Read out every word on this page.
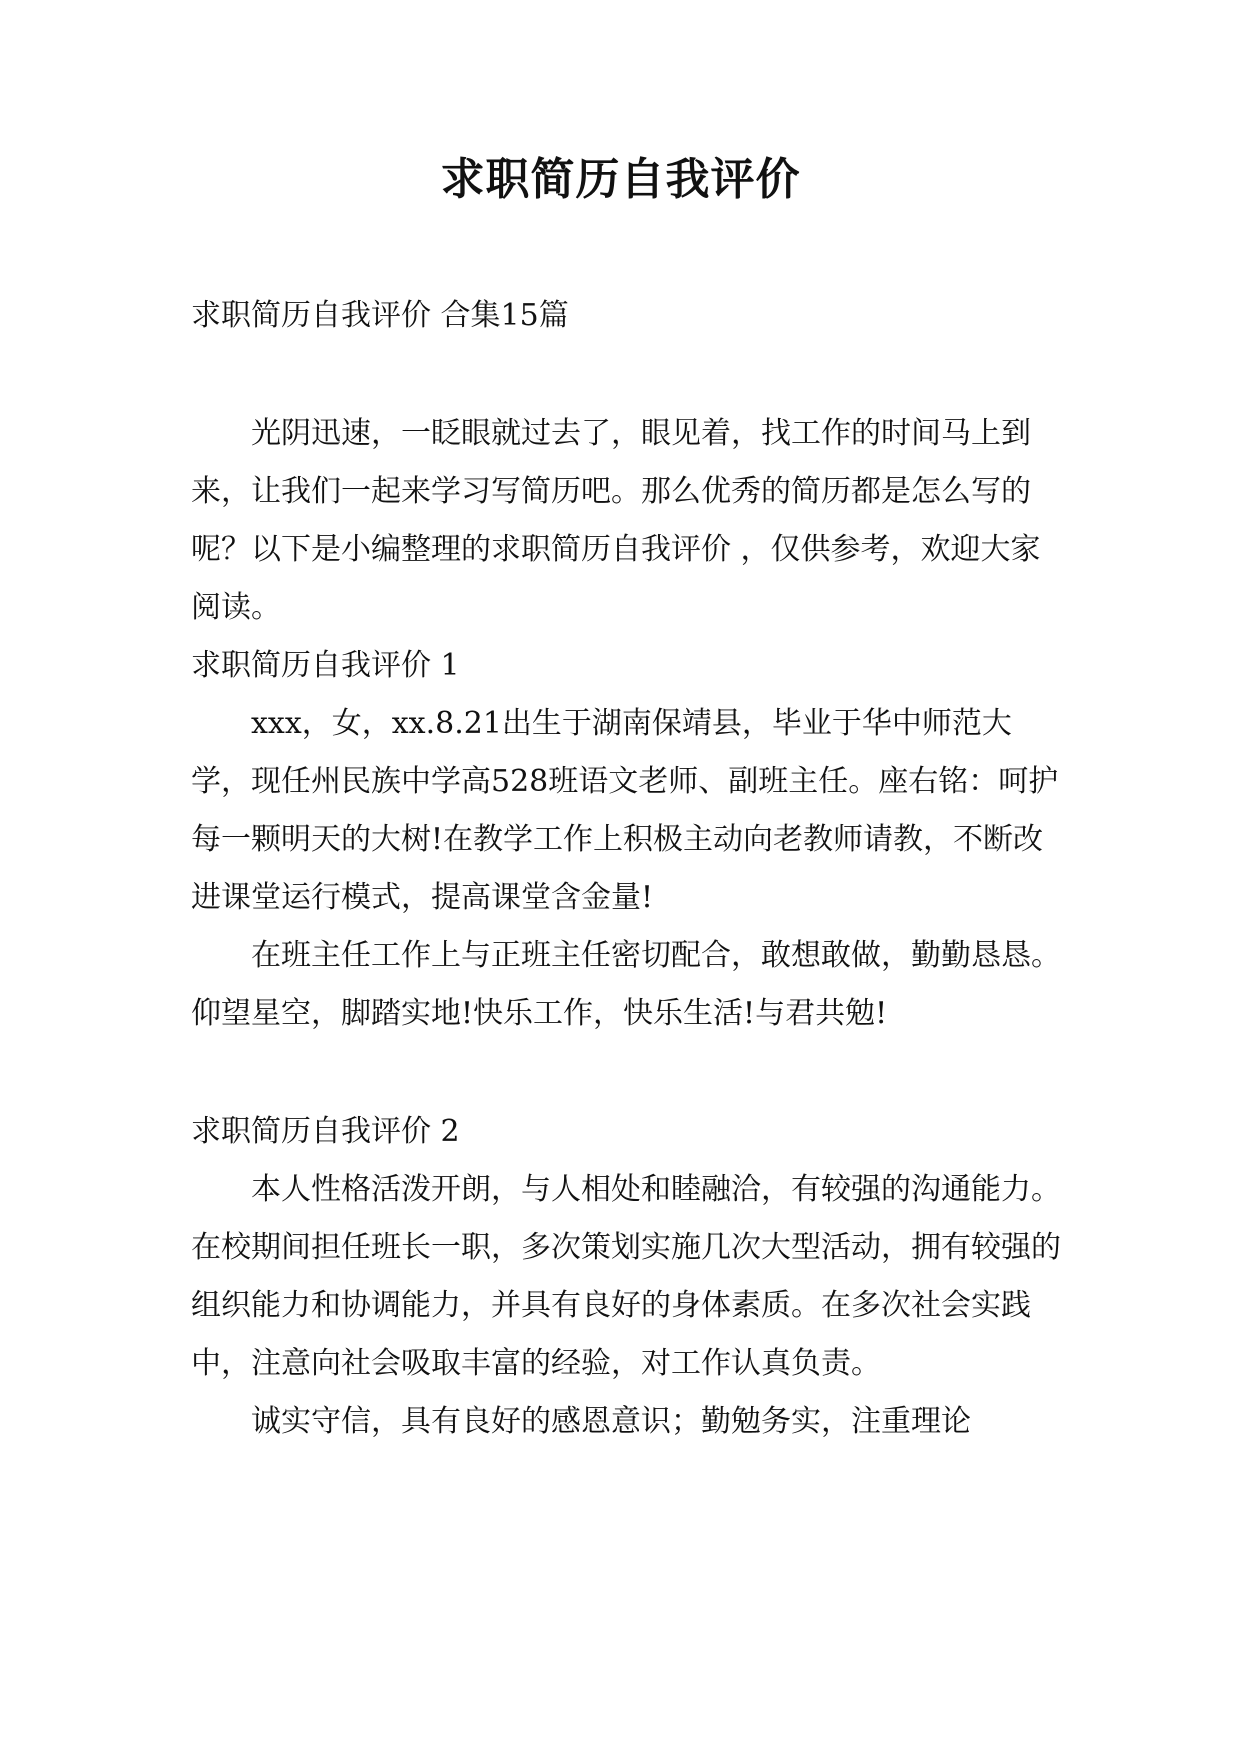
求职简历自我评价

求职简历自我评价 合集15篇

光阴迅速，一眨眼就过去了，眼见着，找工作的时间马上到来，让我们一起来学习写简历吧。那么优秀的简历都是怎么写的呢？以下是小编整理的求职简历自我评价 ，仅供参考，欢迎大家阅读。

求职简历自我评价 1

xxx，女，xx.8.21出生于湖南保靖县，毕业于华中师范大学，现任州民族中学高528班语文老师、副班主任。座右铭：呵护每一颗明天的大树!在教学工作上积极主动向老教师请教，不断改进课堂运行模式，提高课堂含金量!

在班主任工作上与正班主任密切配合，敢想敢做，勤勤恳恳。仰望星空，脚踏实地!快乐工作，快乐生活!与君共勉!

求职简历自我评价 2

本人性格活泼开朗，与人相处和睦融洽，有较强的沟通能力。在校期间担任班长一职，多次策划实施几次大型活动，拥有较强的组织能力和协调能力，并具有良好的身体素质。在多次社会实践中，注意向社会吸取丰富的经验，对工作认真负责。

诚实守信，具有良好的感恩意识；勤勉务实，注重理论
